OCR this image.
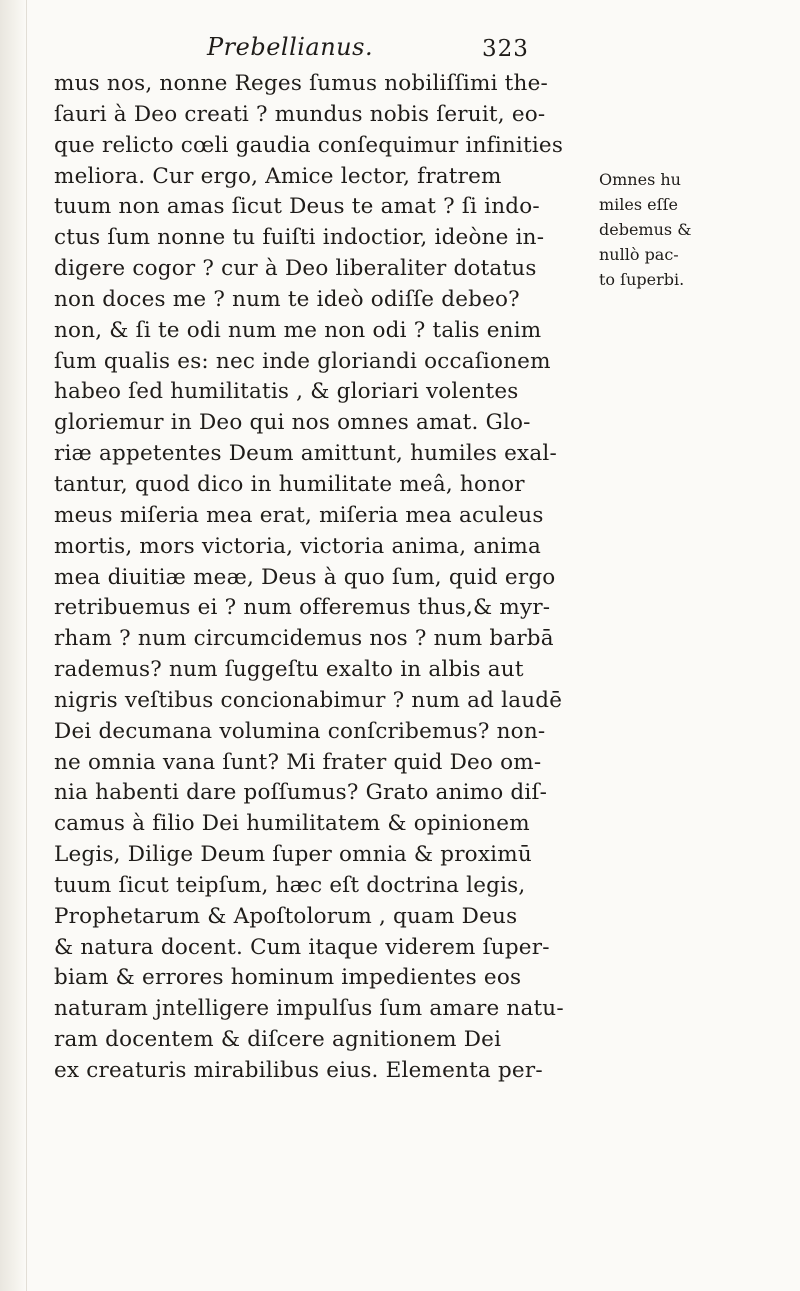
Prebellianus.	323
mus nos, nonne Reges ſumus nobiliſſimi the-
ſauri à Deo creati ? mundus nobis ſeruit, eo-
que relicto cœli gaudia conſequimur infinities
meliora. Cur ergo, Amice lector, fratrem
tuum non amas ſicut Deus te amat ? ſi indo-
ctus ſum nonne tu fuiſti indoctior, ideòne in-
digere cogor ? cur à Deo liberaliter dotatus
non doces me ? num te ideò odiſſe debeo?
non, & ſi te odi num me non odi ? talis enim
ſum qualis es: nec inde gloriandi occaſionem
habeo ſed humilitatis , & gloriari volentes
gloriemur in Deo qui nos omnes amat. Glo-
riæ appetentes Deum amittunt, humiles exal-
tantur, quod dico in humilitate meâ, honor
meus miſeria mea erat, miſeria mea aculeus
mortis, mors victoria, victoria anima, anima
mea diuitiæ meæ, Deus à quo ſum, quid ergo
retribuemus ei ? num offeremus thus,& myr-
rham ? num circumcidemus nos ? num barbā
rademus? num ſuggeſtu exalto in albis aut
nigris veſtibus concionabimur ? num ad laudē
Dei decumana volumina conſcribemus? non-
ne omnia vana ſunt? Mi frater quid Deo om-
nia habenti dare poſſumus? Grato animo diſ-
camus à filio Dei humilitatem & opinionem
Legis, Dilige Deum ſuper omnia & proximū
tuum ſicut teipſum, hæc eſt doctrina legis,
Prophetarum & Apoſtolorum , quam Deus
& natura docent. Cum itaque viderem ſuper-
biam & errores hominum impedientes eos
naturam jntelligere impulſus ſum amare natu-
ram docentem & diſcere agnitionem Dei
ex creaturis mirabilibus eius. Elementa per-
Omnes hu
miles eſſe
debemus &
nullò pac-
to ſuperbi.
